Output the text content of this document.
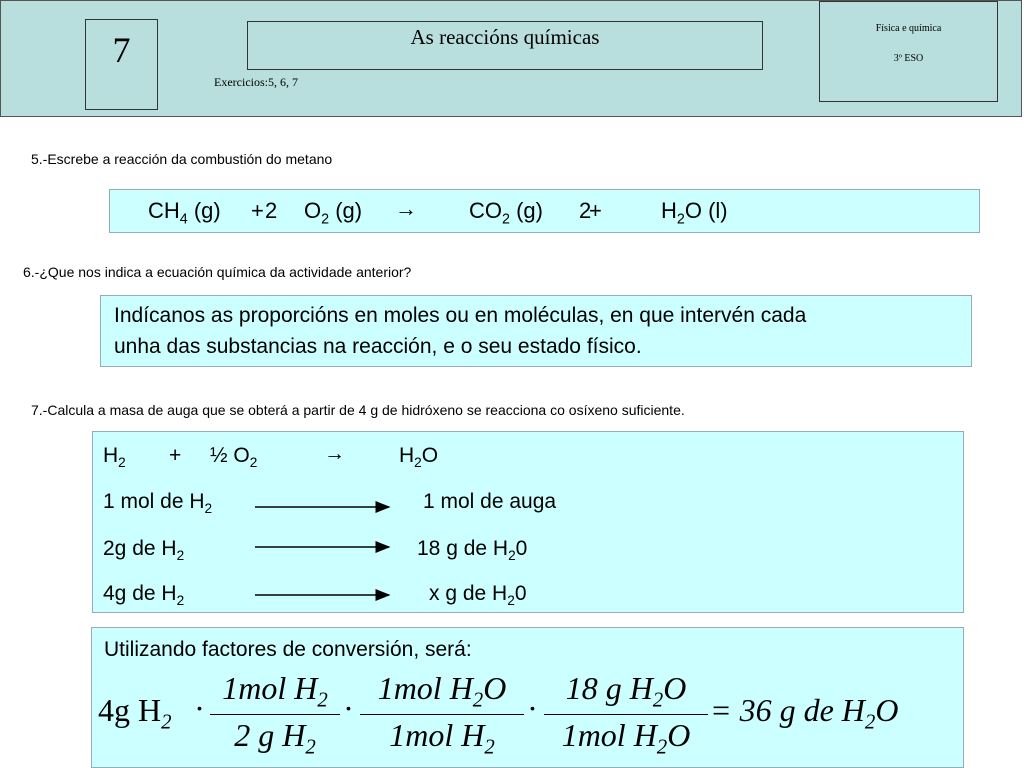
7	As reaccións químicas
Exercicios:5, 6, 7
Física e química
3º ESO
5.-Escrebe a reacción da combustión do metano
$CH_4$ (g) + 2 $O_2$ $(g) \to CO_2$ (g) 2
+	$H_2O$ (l)
6.-¿Que nos indica a ecuación química da actividade anterior?
Indícanos as proporcións en moles ou en moléculas, en que intervén cada
unha das substancias na reacción, e o seu estado físico.
7.-Calcula a masa de auga que se obterá a partir de 4 g de hidróxeno se reacciona co osíxeno suficiente.
$H_2$ + ½ $O_2$	→	$H_2O$
1 mol de $H_2$	1 mol de auga
2g de $H_2$	18 g de $H_20$
4g de $H_2$	x g de $H_20$
Utilizando factores de conversión, será:
4g $H_2$ ·
1mol $H_2$
2 g $H_2$
·
1mol $H_2O$
1mol $H_2$
·
18 g $H_2O$
1mol $H_2O$
= 36 g de $H_2O$
